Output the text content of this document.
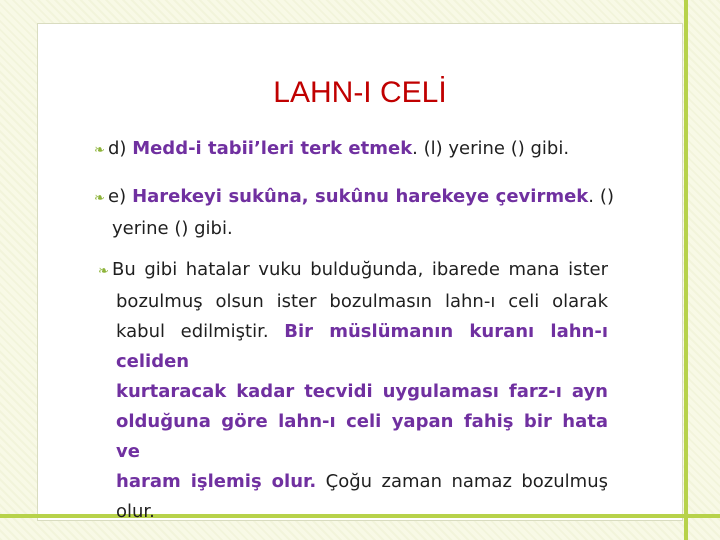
LAHN-I CELİ
❧ d) Medd-i tabii’leri terk etmek. (ﺍ) yerine () gibi.
❧ e) Harekeyi sukûna, sukûnu harekeye çevirmek. ()
yerine () gibi.
❧ Bu gibi hatalar vuku bulduğunda, ibarede mana ister
bozulmuş olsun ister bozulmasın lahn-ı celi olarak
kabul edilmiştir. Bir müslümanın kuranı lahn-ı celiden
kurtaracak kadar tecvidi uygulaması farz-ı ayn
olduğuna göre lahn-ı celi yapan fahiş bir hata ve
haram işlemiş olur. Çoğu zaman namaz bozulmuş olur.
